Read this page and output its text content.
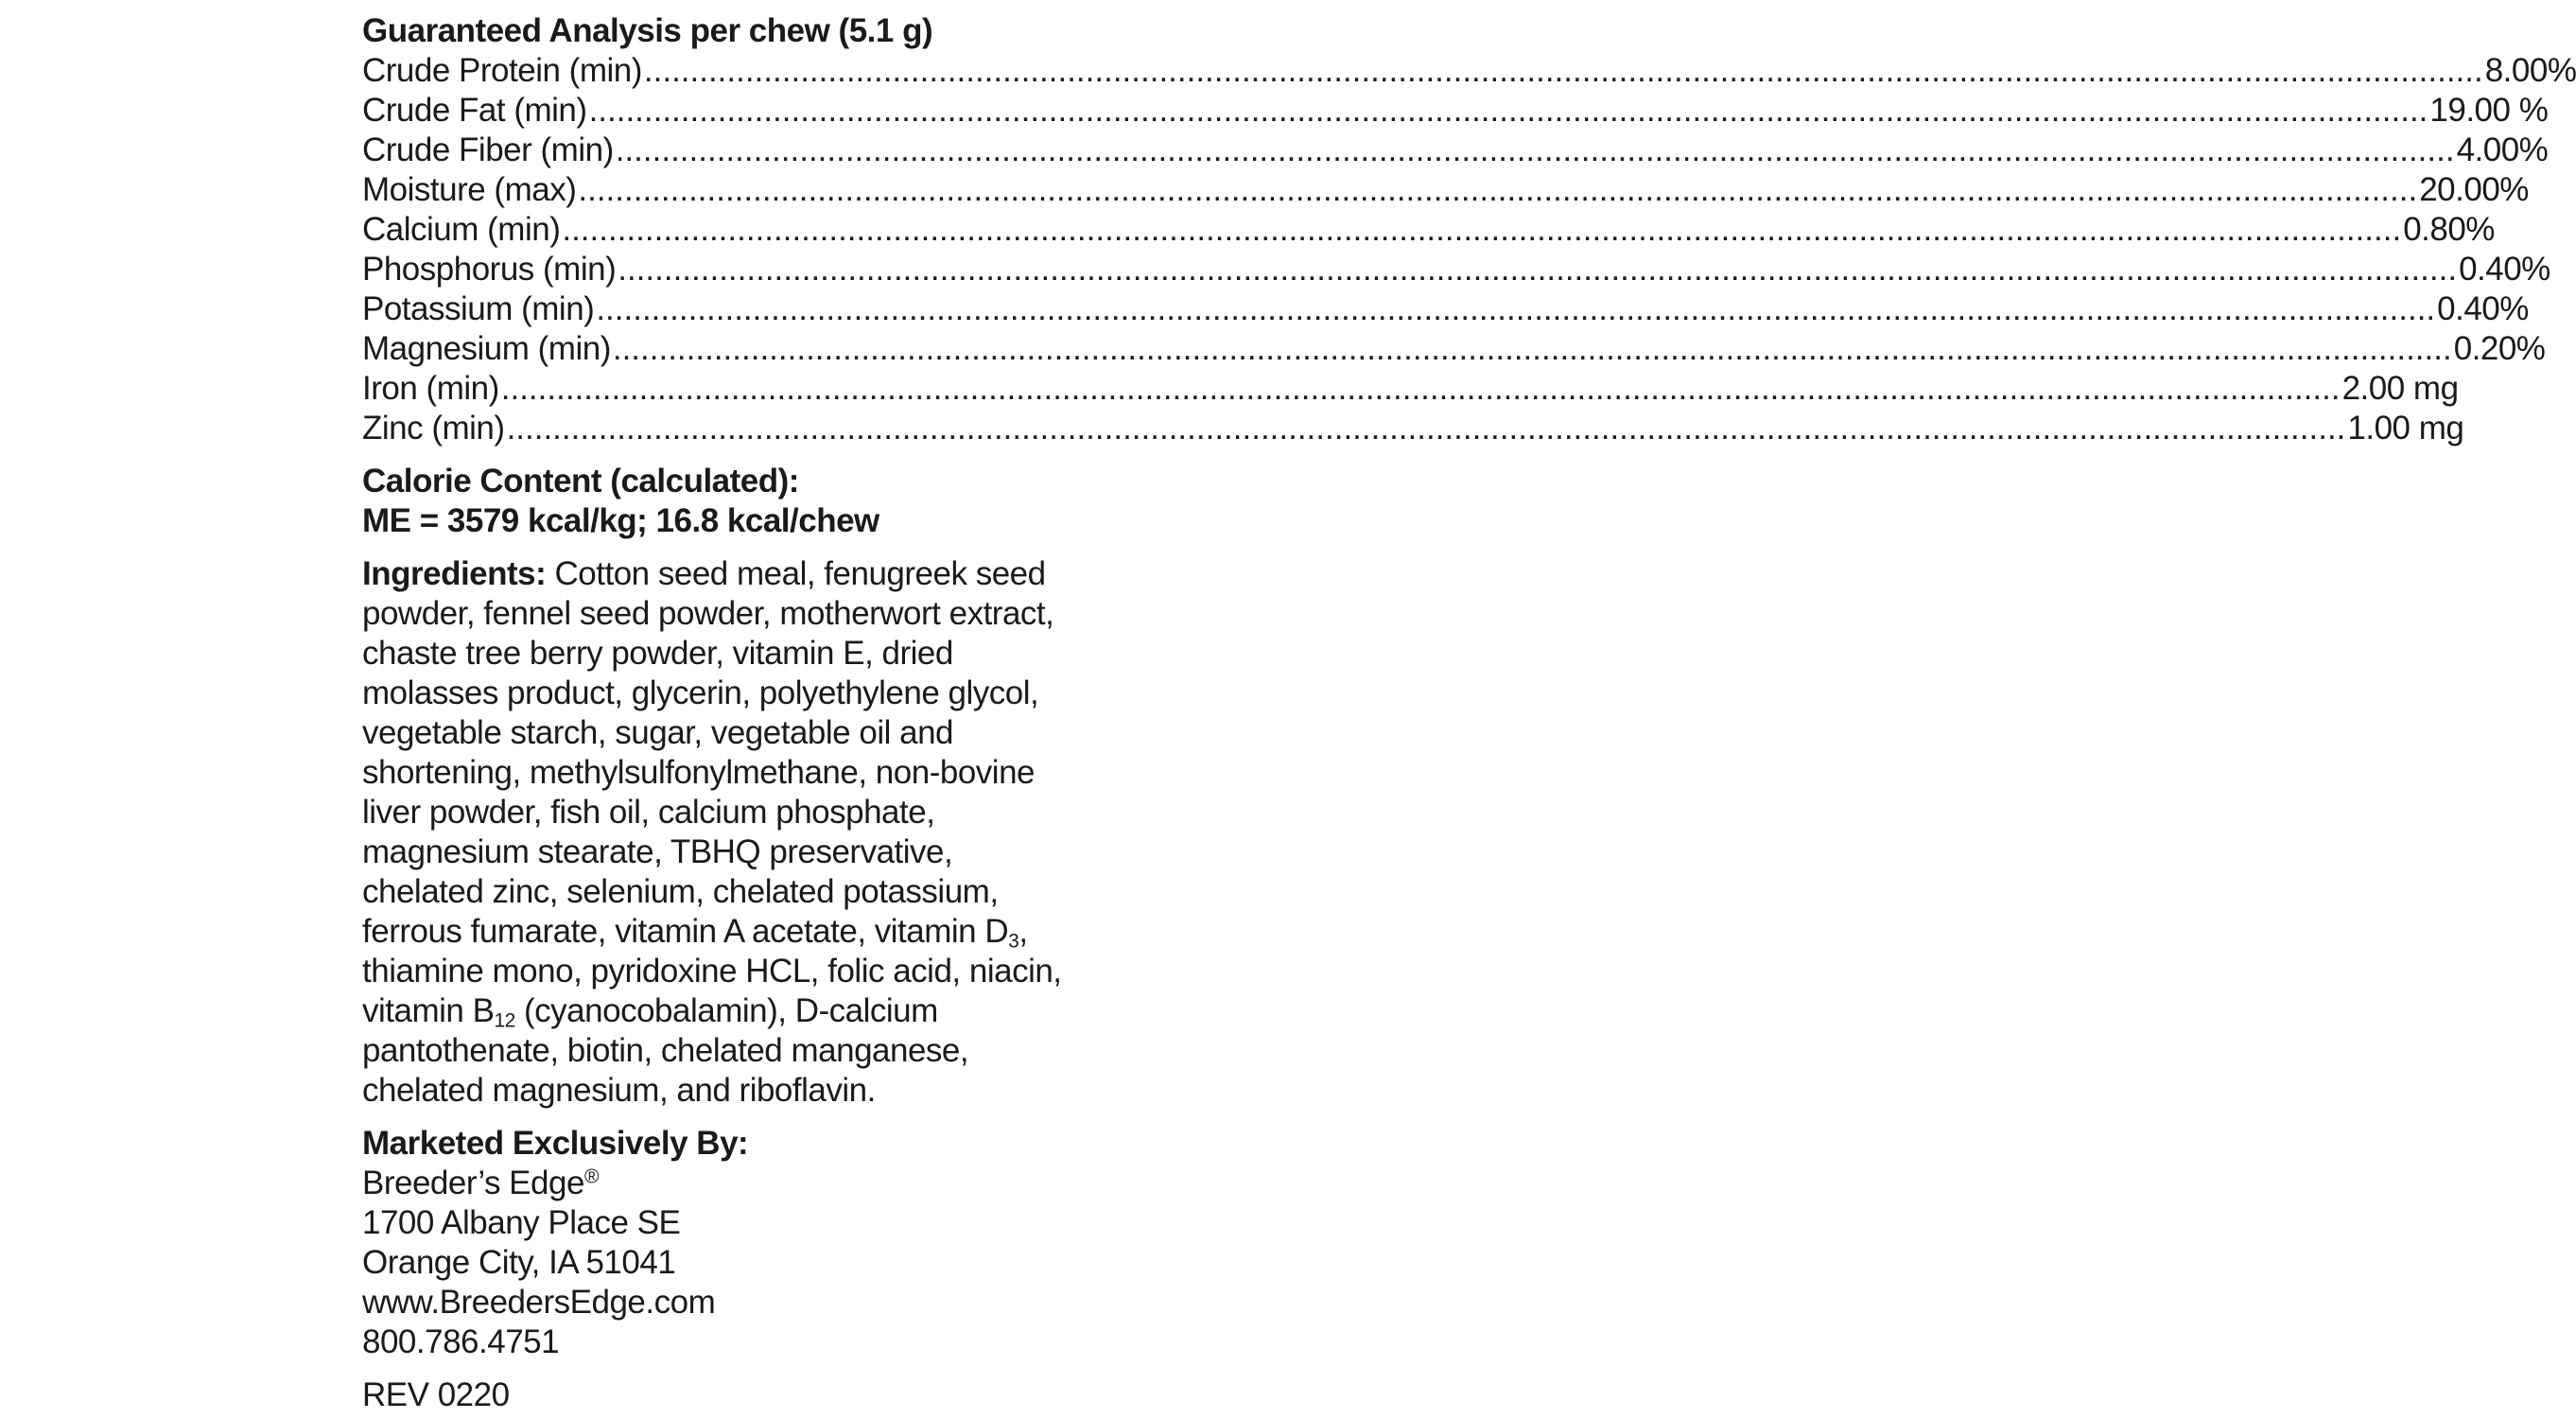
Guaranteed Analysis per chew (5.1 g)
Crude Protein (min) ........................................................................................................................................................................................................ 8.00%
Crude Fat (min) ........................................................................................................................................................................................................ 19.00 %
Crude Fiber (min) ........................................................................................................................................................................................................ 4.00%
Moisture (max) ........................................................................................................................................................................................................ 20.00%
Calcium (min) ........................................................................................................................................................................................................ 0.80%
Phosphorus (min) ........................................................................................................................................................................................................ 0.40%
Potassium (min) ........................................................................................................................................................................................................ 0.40%
Magnesium (min) ........................................................................................................................................................................................................ 0.20%
Iron (min) ........................................................................................................................................................................................................ 2.00 mg
Zinc (min) ........................................................................................................................................................................................................ 1.00 mg
Calorie Content (calculated):
ME = 3579 kcal/kg; 16.8 kcal/chew

Ingredients: Cotton seed meal, fenugreek seed powder, fennel seed powder, motherwort extract, chaste tree berry powder, vitamin E, dried molasses product, glycerin, polyethylene glycol, vegetable starch, sugar, vegetable oil and shortening, methylsulfonylmethane, non-bovine liver powder, fish oil, calcium phosphate, magnesium stearate, TBHQ preservative, chelated zinc, selenium, chelated potassium, ferrous fumarate, vitamin A acetate, vitamin $D_3$, thiamine mono, pyridoxine HCL, folic acid, niacin, vitamin $B_{12}$ (cyanocobalamin), D-calcium pantothenate, biotin, chelated manganese, chelated magnesium, and riboflavin.

Marketed Exclusively By:
Breeder’s Edge®
1700 Albany Place SE
Orange City, IA 51041
www.BreedersEdge.com
800.786.4751
REV 0220
